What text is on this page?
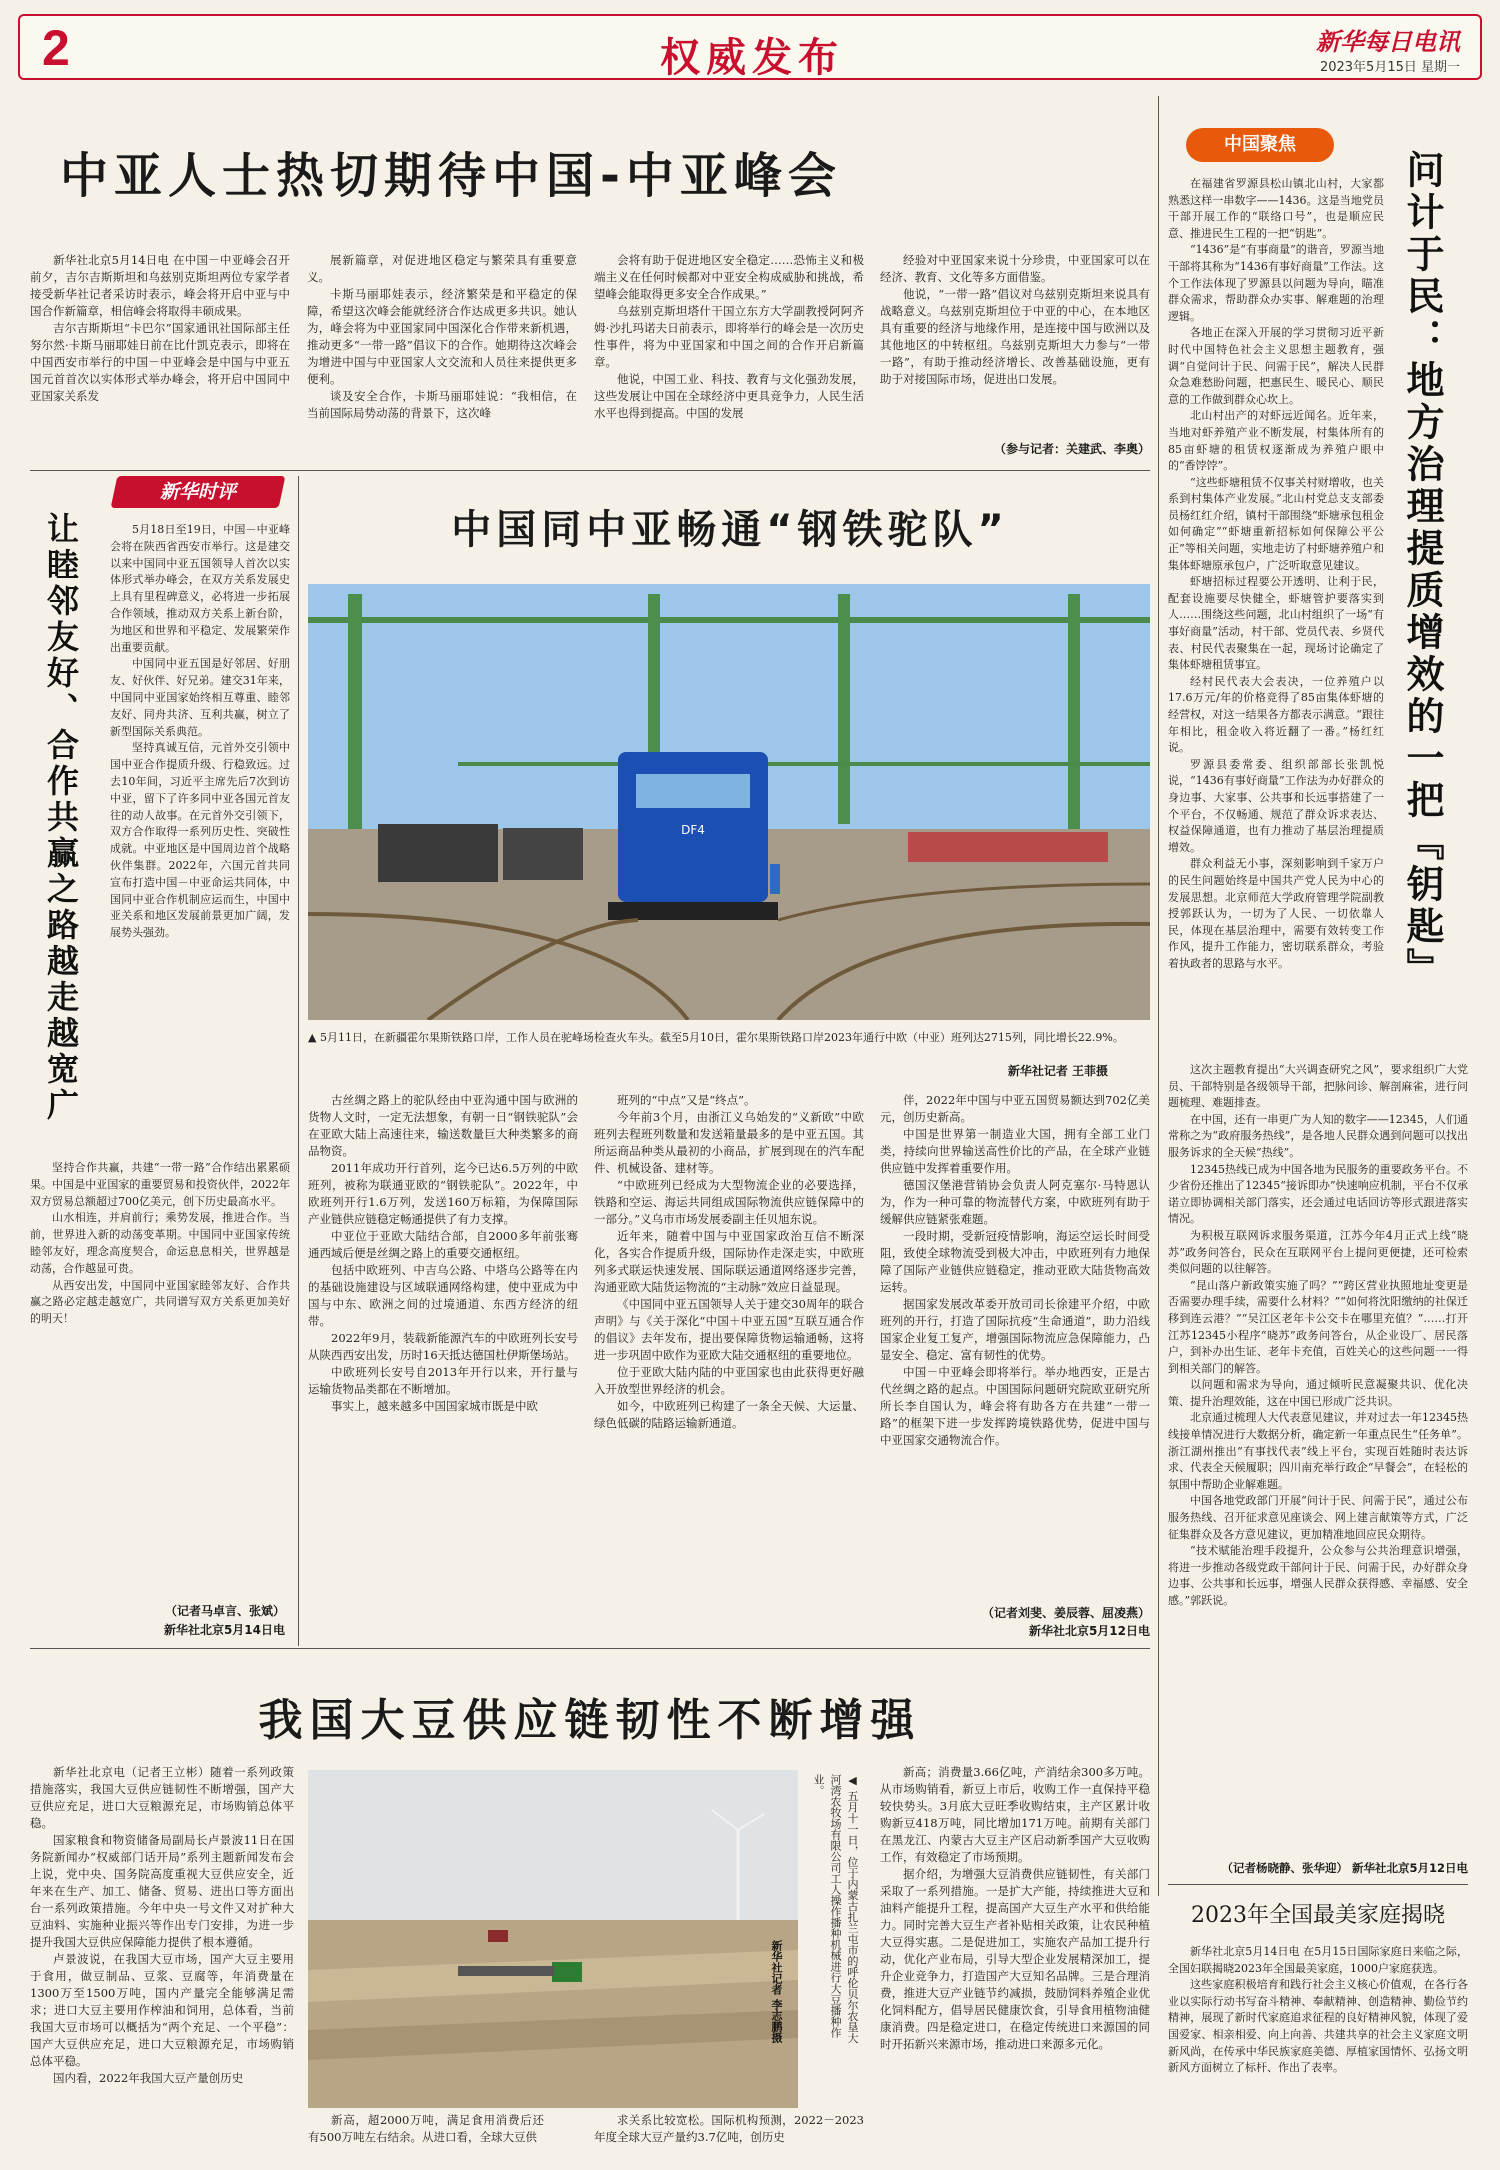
2	权威发布	新华每日电讯
2023年5月15日 星期一
中亚人士热切期待中国-中亚峰会

新华社北京5月14日电 在中国－中亚峰会召开前夕，吉尔吉斯斯坦和乌兹别克斯坦两位专家学者接受新华社记者采访时表示，峰会将开启中亚与中国合作新篇章，相信峰会将取得丰硕成果。

吉尔吉斯斯坦“卡巴尔”国家通讯社国际部主任努尔然·卡斯马丽耶娃日前在比什凯克表示，即将在中国西安市举行的中国－中亚峰会是中国与中亚五国元首首次以实体形式举办峰会，将开启中国同中亚国家关系发

展新篇章，对促进地区稳定与繁荣具有重要意义。

卡斯马丽耶娃表示，经济繁荣是和平稳定的保障，希望这次峰会能就经济合作达成更多共识。她认为，峰会将为中亚国家同中国深化合作带来新机遇，推动更多“一带一路”倡议下的合作。她期待这次峰会为增进中国与中亚国家人文交流和人员往来提供更多便利。

谈及安全合作，卡斯马丽耶娃说：“我相信，在当前国际局势动荡的背景下，这次峰

会将有助于促进地区安全稳定……恐怖主义和极端主义在任何时候都对中亚安全构成威胁和挑战，希望峰会能取得更多安全合作成果。”

乌兹别克斯坦塔什干国立东方大学副教授阿阿齐姆·沙扎玛诺夫日前表示，即将举行的峰会是一次历史性事件，将为中亚国家和中国之间的合作开启新篇章。

他说，中国工业、科技、教育与文化强劲发展，这些发展让中国在全球经济中更具竞争力，人民生活水平也得到提高。中国的发展

经验对中亚国家来说十分珍贵，中亚国家可以在经济、教育、文化等多方面借鉴。

他说，“一带一路”倡议对乌兹别克斯坦来说具有战略意义。乌兹别克斯坦位于中亚的中心，在本地区具有重要的经济与地缘作用，是连接中国与欧洲以及其他地区的中转枢纽。乌兹别克斯坦大力参与“一带一路”，有助于推动经济增长、改善基础设施，更有助于对接国际市场，促进出口发展。

（参与记者：关建武、李奥）
新华时评
让睦邻友好、合作共赢之路越走越宽广	5月18日至19日，中国－中亚峰会将在陕西省西安市举行。这是建交以来中国同中亚五国领导人首次以实体形式举办峰会，在双方关系发展史上具有里程碑意义，必将进一步拓展合作领域，推动双方关系上新台阶，为地区和世界和平稳定、发展繁荣作出重要贡献。

中国同中亚五国是好邻居、好朋友、好伙伴、好兄弟。建交31年来，中国同中亚国家始终相互尊重、睦邻友好、同舟共济、互利共赢，树立了新型国际关系典范。

坚持真诚互信，元首外交引领中国中亚合作提质升级、行稳致远。过去10年间，习近平主席先后7次到访中亚，留下了许多同中亚各国元首友往的动人故事。在元首外交引领下，双方合作取得一系列历史性、突破性成就。中亚地区是中国周边首个战略伙伴集群。2022年，六国元首共同宣布打造中国－中亚命运共同体，中国同中亚合作机制应运而生，中国中亚关系和地区发展前景更加广阔，发展势头强劲。

坚持合作共赢，共建“一带一路”合作结出累累硕果。中国是中亚国家的重要贸易和投资伙伴，2022年双方贸易总额超过700亿美元，创下历史最高水平。

山水相连，并肩前行；乘势发展，推进合作。当前，世界进入新的动荡变革期。中国同中亚国家传统睦邻友好，理念高度契合，命运息息相关，世界越是动荡，合作越显可贵。

从西安出发，中国同中亚国家睦邻友好、合作共赢之路必定越走越宽广，共同谱写双方关系更加美好的明天！

（记者马卓言、张斌）
新华社北京5月14日电
中国同中亚畅通“钢铁驼队”
DF4
▲ 5月11日，在新疆霍尔果斯铁路口岸，工作人员在驼峰场检查火车头。截至5月10日，霍尔果斯铁路口岸2023年通行中欧（中亚）班列达2715列，同比增长22.9%。
新华社记者 王菲摄

古丝绸之路上的驼队经由中亚沟通中国与欧洲的货物人文时，一定无法想象，有朝一日“钢铁驼队”会在亚欧大陆上高速往来，输送数量巨大种类繁多的商品物资。

2011年成功开行首列，迄今已达6.5万列的中欧班列，被称为联通亚欧的“钢铁驼队”。2022年，中欧班列开行1.6万列，发送160万标箱，为保障国际产业链供应链稳定畅通提供了有力支撑。

中亚位于亚欧大陆结合部，自2000多年前张骞通西域后便是丝绸之路上的重要交通枢纽。

包括中欧班列、中吉乌公路、中塔乌公路等在内的基础设施建设与区域联通网络构建，使中亚成为中国与中东、欧洲之间的过境通道、东西方经济的纽带。

2022年9月，装载新能源汽车的中欧班列长安号从陕西西安出发，历时16天抵达德国杜伊斯堡场站。

中欧班列长安号自2013年开行以来，开行量与运输货物品类都在不断增加。

事实上，越来越多中国国家城市既是中欧

班列的“中点”又是“终点”。

今年前3个月，由浙江义乌始发的“义新欧”中欧班列去程班列数量和发送箱量最多的是中亚五国。其所运商品种类从最初的小商品，扩展到现在的汽车配件、机械设备、建材等。

“中欧班列已经成为大型物流企业的必要选择，铁路和空运、海运共同组成国际物流供应链保障中的一部分。”义乌市市场发展委副主任贝旭东说。

近年来，随着中国与中亚国家政治互信不断深化，各实合作提质升级，国际协作走深走实，中欧班列多式联运快速发展、国际联运通道网络逐步完善，沟通亚欧大陆货运物流的“主动脉”效应日益显现。

《中国同中亚五国领导人关于建交30周年的联合声明》与《关于深化“中国＋中亚五国”互联互通合作的倡议》去年发布，提出要保障货物运输通畅，这将进一步巩固中欧作为亚欧大陆交通枢纽的重要地位。

位于亚欧大陆内陆的中亚国家也由此获得更好融入开放型世界经济的机会。

如今，中欧班列已构建了一条全天候、大运量、绿色低碳的陆路运输新通道。

伴，2022年中国与中亚五国贸易额达到702亿美元，创历史新高。

中国是世界第一制造业大国，拥有全部工业门类，持续向世界输送高性价比的产品，在全球产业链供应链中发挥着重要作用。

德国汉堡港营销协会负责人阿克塞尔·马特恩认为，作为一种可靠的物流替代方案，中欧班列有助于缓解供应链紧张难题。

一段时期，受新冠疫情影响，海运空运长时间受阻，致使全球物流受到极大冲击，中欧班列有力地保障了国际产业链供应链稳定，推动亚欧大陆货物高效运转。

据国家发展改革委开放司司长徐建平介绍，中欧班列的开行，打造了国际抗疫“生命通道”，助力沿线国家企业复工复产，增强国际物流应急保障能力，凸显安全、稳定、富有韧性的优势。

中国－中亚峰会即将举行。举办地西安，正是古代丝绸之路的起点。中国国际问题研究院欧亚研究所所长李自国认为，峰会将有助各方在共建“一带一路”的框架下进一步发挥跨境铁路优势，促进中国与中亚国家交通物流合作。

（记者刘斐、姜辰蓉、屈凌燕）
新华社北京5月12日电
中国聚焦
问计于民：地方治理提质增效的一把『钥匙』

在福建省罗源县松山镇北山村，大家都熟悉这样一串数字——1436。这是当地党员干部开展工作的“联络口号”，也是顺应民意、推进民生工程的一把“钥匙”。

“1436”是“有事商量”的谐音，罗源当地干部将其称为“1436有事好商量”工作法。这个工作法体现了罗源县以问题为导向，瞄准群众需求，帮助群众办实事、解难题的治理逻辑。

各地正在深入开展的学习贯彻习近平新时代中国特色社会主义思想主题教育，强调“自觉问计于民、问需于民”，解决人民群众急难愁盼问题，把惠民生、暖民心、顺民意的工作做到群众心坎上。

北山村出产的对虾远近闻名。近年来，当地对虾养殖产业不断发展，村集体所有的85亩虾塘的租赁权逐渐成为养殖户眼中的“香饽饽”。

“这些虾塘租赁不仅事关村财增收，也关系到村集体产业发展。”北山村党总支支部委员杨红红介绍，镇村干部围绕“虾塘承包租金如何确定”“虾塘重新招标如何保障公平公正”等相关问题，实地走访了村虾塘养殖户和集体虾塘原承包户，广泛听取意见建议。

虾塘招标过程要公开透明、让利于民，配套设施要尽快健全，虾塘管护要落实到人……围绕这些问题，北山村组织了一场“有事好商量”活动，村干部、党员代表、乡贤代表、村民代表聚集在一起，现场讨论确定了集体虾塘租赁事宜。

经村民代表大会表决，一位养殖户以17.6万元/年的价格竞得了85亩集体虾塘的经营权，对这一结果各方都表示满意。“跟往年相比，租金收入将近翻了一番。”杨红红说。

罗源县委常委、组织部部长张凯悦说，“1436有事好商量”工作法为办好群众的身边事、大家事、公共事和长远事搭建了一个平台，不仅畅通、规范了群众诉求表达、权益保障通道，也有力推动了基层治理提质增效。

群众利益无小事，深刻影响到千家万户的民生问题始终是中国共产党人民为中心的发展思想。北京师范大学政府管理学院副教授郭跃认为，一切为了人民、一切依靠人民，体现在基层治理中，需要有效转变工作作风，提升工作能力，密切联系群众，考验着执政者的思路与水平。

这次主题教育提出“大兴调查研究之风”，要求组织广大党员、干部特别是各级领导干部，把脉问诊、解剖麻雀，进行问题梳理、难题排查。

在中国，还有一串更广为人知的数字——12345，人们通常称之为“政府服务热线”，是各地人民群众遇到问题可以找出服务诉求的全天候“热线”。

12345热线已成为中国各地为民服务的重要政务平台。不少省份还推出了12345“接诉即办”快速响应机制，平台不仅承诺立即协调相关部门落实，还会通过电话回访等形式跟进落实情况。

为积极互联网诉求服务渠道，江苏今年4月正式上线“晓苏”政务问答台，民众在互联网平台上提问更便捷，还可检索类似问题的以往解答。

“昆山落户新政策实施了吗？”“跨区营业执照地址变更是否需要办理手续，需要什么材料？”“如何将沈阳缴纳的社保迁移到连云港？”“吴江区老年卡公交卡在哪里充值？”……打开江苏12345小程序“晓苏”政务问答台，从企业设厂、居民落户，到补办出生证、老年卡充值，百姓关心的这些问题一一得到相关部门的解答。

以问题和需求为导向，通过倾听民意凝聚共识、优化决策、提升治理效能，这在中国已形成广泛共识。

北京通过梳理人大代表意见建议，并对过去一年12345热线接单情况进行大数据分析，确定新一年重点民生“任务单”。浙江湖州推出“有事找代表”线上平台，实现百姓随时表达诉求、代表全天候履职；四川南充举行政企“早餐会”，在轻松的氛围中帮助企业解难题。

中国各地党政部门开展“问计于民、问需于民”，通过公布服务热线、召开征求意见座谈会、网上建言献策等方式，广泛征集群众及各方意见建议，更加精准地回应民众期待。

“技术赋能治理手段提升，公众参与公共治理意识增强，将进一步推动各级党政干部问计于民、问需于民，办好群众身边事、公共事和长远事，增强人民群众获得感、幸福感、安全感。”郭跃说。

（记者杨晓静、张华迎） 新华社北京5月12日电
2023年全国最美家庭揭晓

新华社北京5月14日电 在5月15日国际家庭日来临之际，全国妇联揭晓2023年全国最美家庭，1000户家庭获选。

这些家庭积极培育和践行社会主义核心价值观，在各行各业以实际行动书写奋斗精神、奉献精神、创造精神、勤俭节约精神，展现了新时代家庭追求征程的良好精神风貌，体现了爱国爱家、相亲相爱、向上向善、共建共享的社会主义家庭文明新风尚，在传承中华民族家庭美德、厚植家国情怀、弘扬文明新风方面树立了标杆、作出了表率。

我国大豆供应链韧性不断增强

新华社北京电（记者王立彬）随着一系列政策措施落实，我国大豆供应链韧性不断增强，国产大豆供应充足，进口大豆粮源充足，市场购销总体平稳。

国家粮食和物资储备局副局长卢景波11日在国务院新闻办“权威部门话开局”系列主题新闻发布会上说，党中央、国务院高度重视大豆供应安全，近年来在生产、加工、储备、贸易、进出口等方面出台一系列政策措施。今年中央一号文件又对扩种大豆油料、实施种业振兴等作出专门安排，为进一步提升我国大豆供应保障能力提供了根本遵循。

卢景波说，在我国大豆市场，国产大豆主要用于食用，做豆制品、豆浆、豆腐等，年消费量在1300万至1500万吨，国内产量完全能够满足需求；进口大豆主要用作榨油和饲用，总体看，当前我国大豆市场可以概括为“两个充足、一个平稳”：国产大豆供应充足，进口大豆粮源充足，市场购销总体平稳。

国内看，2022年我国大豆产量创历史

新高，超2000万吨，满足食用消费后还有500万吨左右结余。从进口看，全球大豆供

求关系比较宽松。国际机构预测，2022－2023年度全球大豆产量约3.7亿吨，创历史

◀ 五月十一日，位于内蒙古扎兰屯市的呼伦贝尔农垦大河湾农牧场有限公司工人操作播种机械进行大豆播种作业。
新华社记者 李志鹏摄

新高；消费量3.66亿吨，产消结余300多万吨。从市场购销看，新豆上市后，收购工作一直保持平稳较快势头。3月底大豆旺季收购结束，主产区累计收购新豆418万吨，同比增加171万吨。前期有关部门在黑龙江、内蒙古大豆主产区启动新季国产大豆收购工作，有效稳定了市场预期。

据介绍，为增强大豆消费供应链韧性，有关部门采取了一系列措施。一是扩大产能，持续推进大豆和油料产能提升工程，提高国产大豆生产水平和供给能力。同时完善大豆生产者补贴相关政策，让农民种植大豆得实惠。二是促进加工，实施农产品加工提升行动，优化产业布局，引导大型企业发展精深加工，提升企业竞争力，打造国产大豆知名品牌。三是合理消费，推进大豆产业链节约减损，鼓励饲料养殖企业优化饲料配方，倡导居民健康饮食，引导食用植物油健康消费。四是稳定进口，在稳定传统进口来源国的同时开拓新兴来源市场，推动进口来源多元化。
